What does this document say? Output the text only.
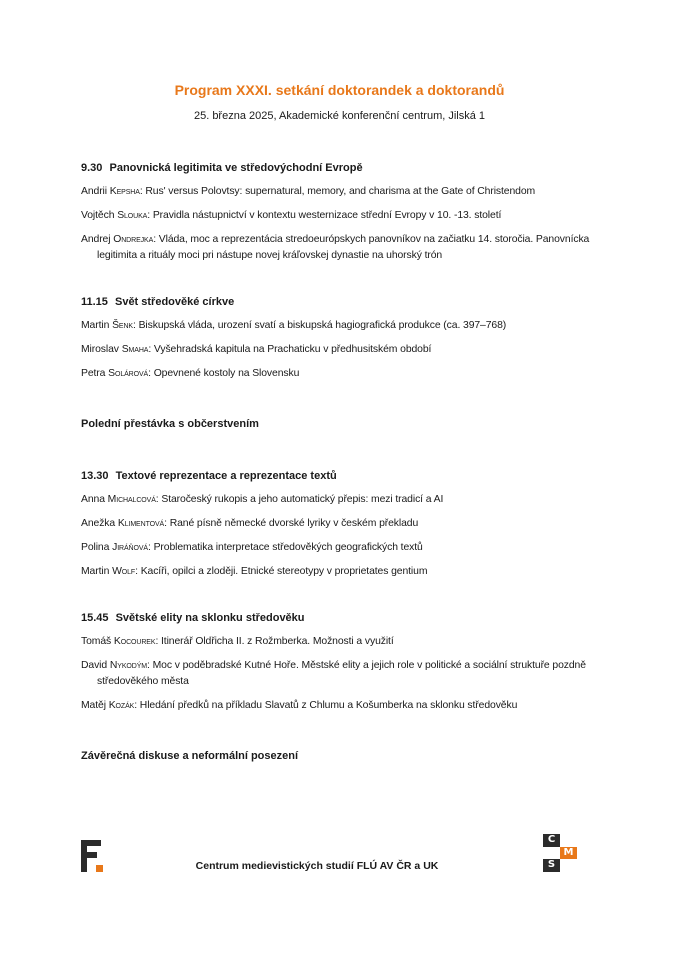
Program XXXI. setkání doktorandek a doktorandů
25. března 2025, Akademické konferenční centrum, Jilská 1

9.30 Panovnická legitimita ve středovýchodní Evropě

Andrii Kepsha: Rus' versus Polovtsy: supernatural, memory, and charisma at the Gate of Christendom

Vojtěch Slouka: Pravidla nástupnictví v kontextu westernizace střední Evropy v 10. -13. století

Andrej Ondrejka: Vláda, moc a reprezentácia stredoeurópskych panovníkov na začiatku 14. storočia. Panovnícka legitimita a rituály moci pri nástupe novej kráľovskej dynastie na uhorský trón

11.15 Svět středověké církve

Martin Šenk: Biskupská vláda, urození svatí a biskupská hagiografická produkce (ca. 397–768)

Miroslav Smaha: Vyšehradská kapitula na Prachaticku v předhusitském období

Petra Solárová: Opevnené kostoly na Slovensku

Polední přestávka s občerstvením

13.30 Textové reprezentace a reprezentace textů

Anna Michalcová: Staročeský rukopis a jeho automatický přepis: mezi tradicí a AI

Anežka Klimentová: Rané písně německé dvorské lyriky v českém překladu

Polina Jiráňová: Problematika interpretace středověkých geografických textů

Martin Wolf: Kacíři, opilci a zloději. Etnické stereotypy v proprietates gentium

15.45 Světské elity na sklonku středověku

Tomáš Kocourek: Itinerář Oldřicha II. z Rožmberka. Možnosti a využití

David Nykodým: Moc v poděbradské Kutné Hoře. Městské elity a jejich role v politické a sociální struktuře pozdně středověkého města

Matěj Kozák: Hledání předků na příkladu Slavatů z Chlumu a Košumberka na sklonku středověku

Závěrečná diskuse a neformální posezení

Centrum medievistických studií FLÚ AV ČR a UK
C
M
S
